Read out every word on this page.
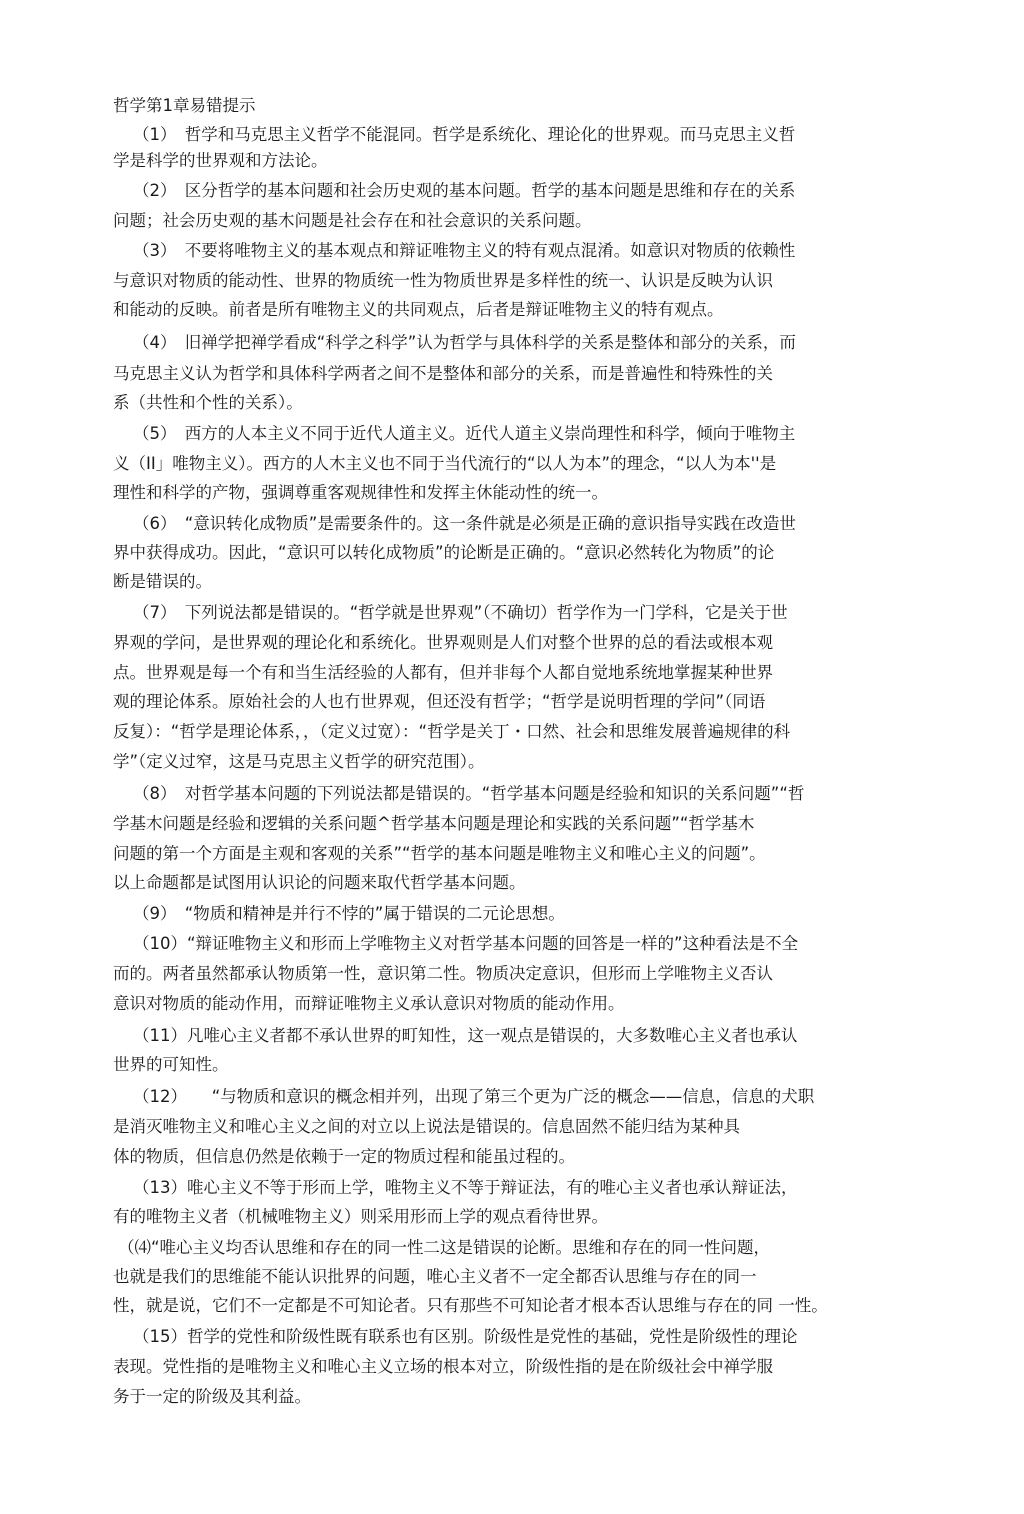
哲学第1章易错提示
（1）　哲学和马克思主义哲学不能混同。哲学是系统化、理论化的世界观。而马克思主义哲
学是科学的世界观和方法论。
（2）　区分哲学的基本问题和社会历史观的基本问题。哲学的基本问题是思维和存在的关系
问题；社会历史观的基木问题是社会存在和社会意识的关系问题。
（3）　不要将唯物主义的基本观点和辩证唯物主义的特有观点混淆。如意识对物质的依赖性
与意识对物质的能动性、世界的物质统一性为物质世界是多样性的统一、认识是反映为认识
和能动的反映。前者是所有唯物主义的共同观点，后者是辩证唯物主义的特有观点。
（4）　旧禅学把禅学看成“科学之科学”认为哲学与具体科学的关系是整体和部分的关系，而
马克思主义认为哲学和具体科学两者之间不是整体和部分的关系，而是普遍性和特殊性的关
系（共性和个性的关系）。
（5）　西方的人本主义不同于近代人道主义。近代人道主义崇尚理性和科学，倾向于唯物主
义（II」唯物主义）。西方的人木主义也不同于当代流行的“以人为本”的理念，“以人为本''是
理性和科学的产物，强调尊重客观规律性和发挥主休能动性的统一。
（6）　“意识转化成物质”是需要条件的。这一条件就是必须是正确的意识指导实践在改造世
界中获得成功。因此，“意识可以转化成物质”的论断是正确的。“意识必然转化为物质”的论
断是错误的。
（7）　下列说法都是错误的。“哲学就是世界观”（不确切）哲学作为一门学科，它是关于世
界观的学问，是世界观的理论化和系统化。世界观则是人们对整个世界的总的看法或根本观
点。世界观是每一个有和当生活经验的人都有，但并非每个人都自觉地系统地掌握某种世界
观的理论体系。原始社会的人也冇世界观，但还没有哲学；“哲学是说明哲理的学问”（同语
反复）：“哲学是理论体系，，（定义过宽）：“哲学是关丁・口然、社会和思维发展普遍规律的科
学”（定义过窄，这是马克思主义哲学的研究范围）。
（8）　对哲学基本问题的下列说法都是错误的。“哲学基本问题是经验和知识的关系问题”“哲
学基木问题是经验和逻辑的关系问题^哲学基本问题是理论和实践的关系问题”“哲学基木
问题的第一个方面是主观和客观的关系”“哲学的基本问题是唯物主义和唯心主义的问题”。
以上命题都是试图用认识论的问题来取代哲学基本问题。
（9）　“物质和精神是并行不悖的”属于错误的二元论思想。
（10）“辩证唯物主义和形而上学唯物主义对哲学基本问题的回答是一样的”这种看法是不全
而的。两者虽然都承认物质第一性，意识第二性。物质决定意识，但形而上学唯物主义否认
意识对物质的能动作用，而辩证唯物主义承认意识对物质的能动作用。
（11）凡唯心主义者都不承认世界的町知性，这一观点是错误的，大多数唯心主义者也承认
世界的可知性。
（12）　　“与物质和意识的概念相并列，出现了第三个更为广泛的概念——信息，信息的犬职
是消灭唯物主义和唯心主义之间的对立以上说法是错误的。信息固然不能归结为某种具
体的物质，但信息仍然是依赖于一定的物质过程和能虽过程的。
（13）唯心主义不等于形而上学，唯物主义不等于辩证法，有的唯心主义者也承认辩证法，
有的唯物主义者（机械唯物主义）则采用形而上学的观点看待世界。
（⑷“唯心主义均否认思维和存在的同一性二这是错误的论断。思维和存在的同一性问题，
也就是我们的思维能不能认识批界的问题，唯心主义者不一定全都否认思维与存在的同一
性，就是说，它们不一定都是不可知论者。只有那些不可知论者才根本否认思维与存在的同 一性。
（15）哲学的党性和阶级性既有联系也有区别。阶级性是党性的基础，党性是阶级性的理论
表现。党性指的是唯物主义和唯心主义立场的根本对立，阶级性指的是在阶级社会中禅学服
务于一定的阶级及其利益。
